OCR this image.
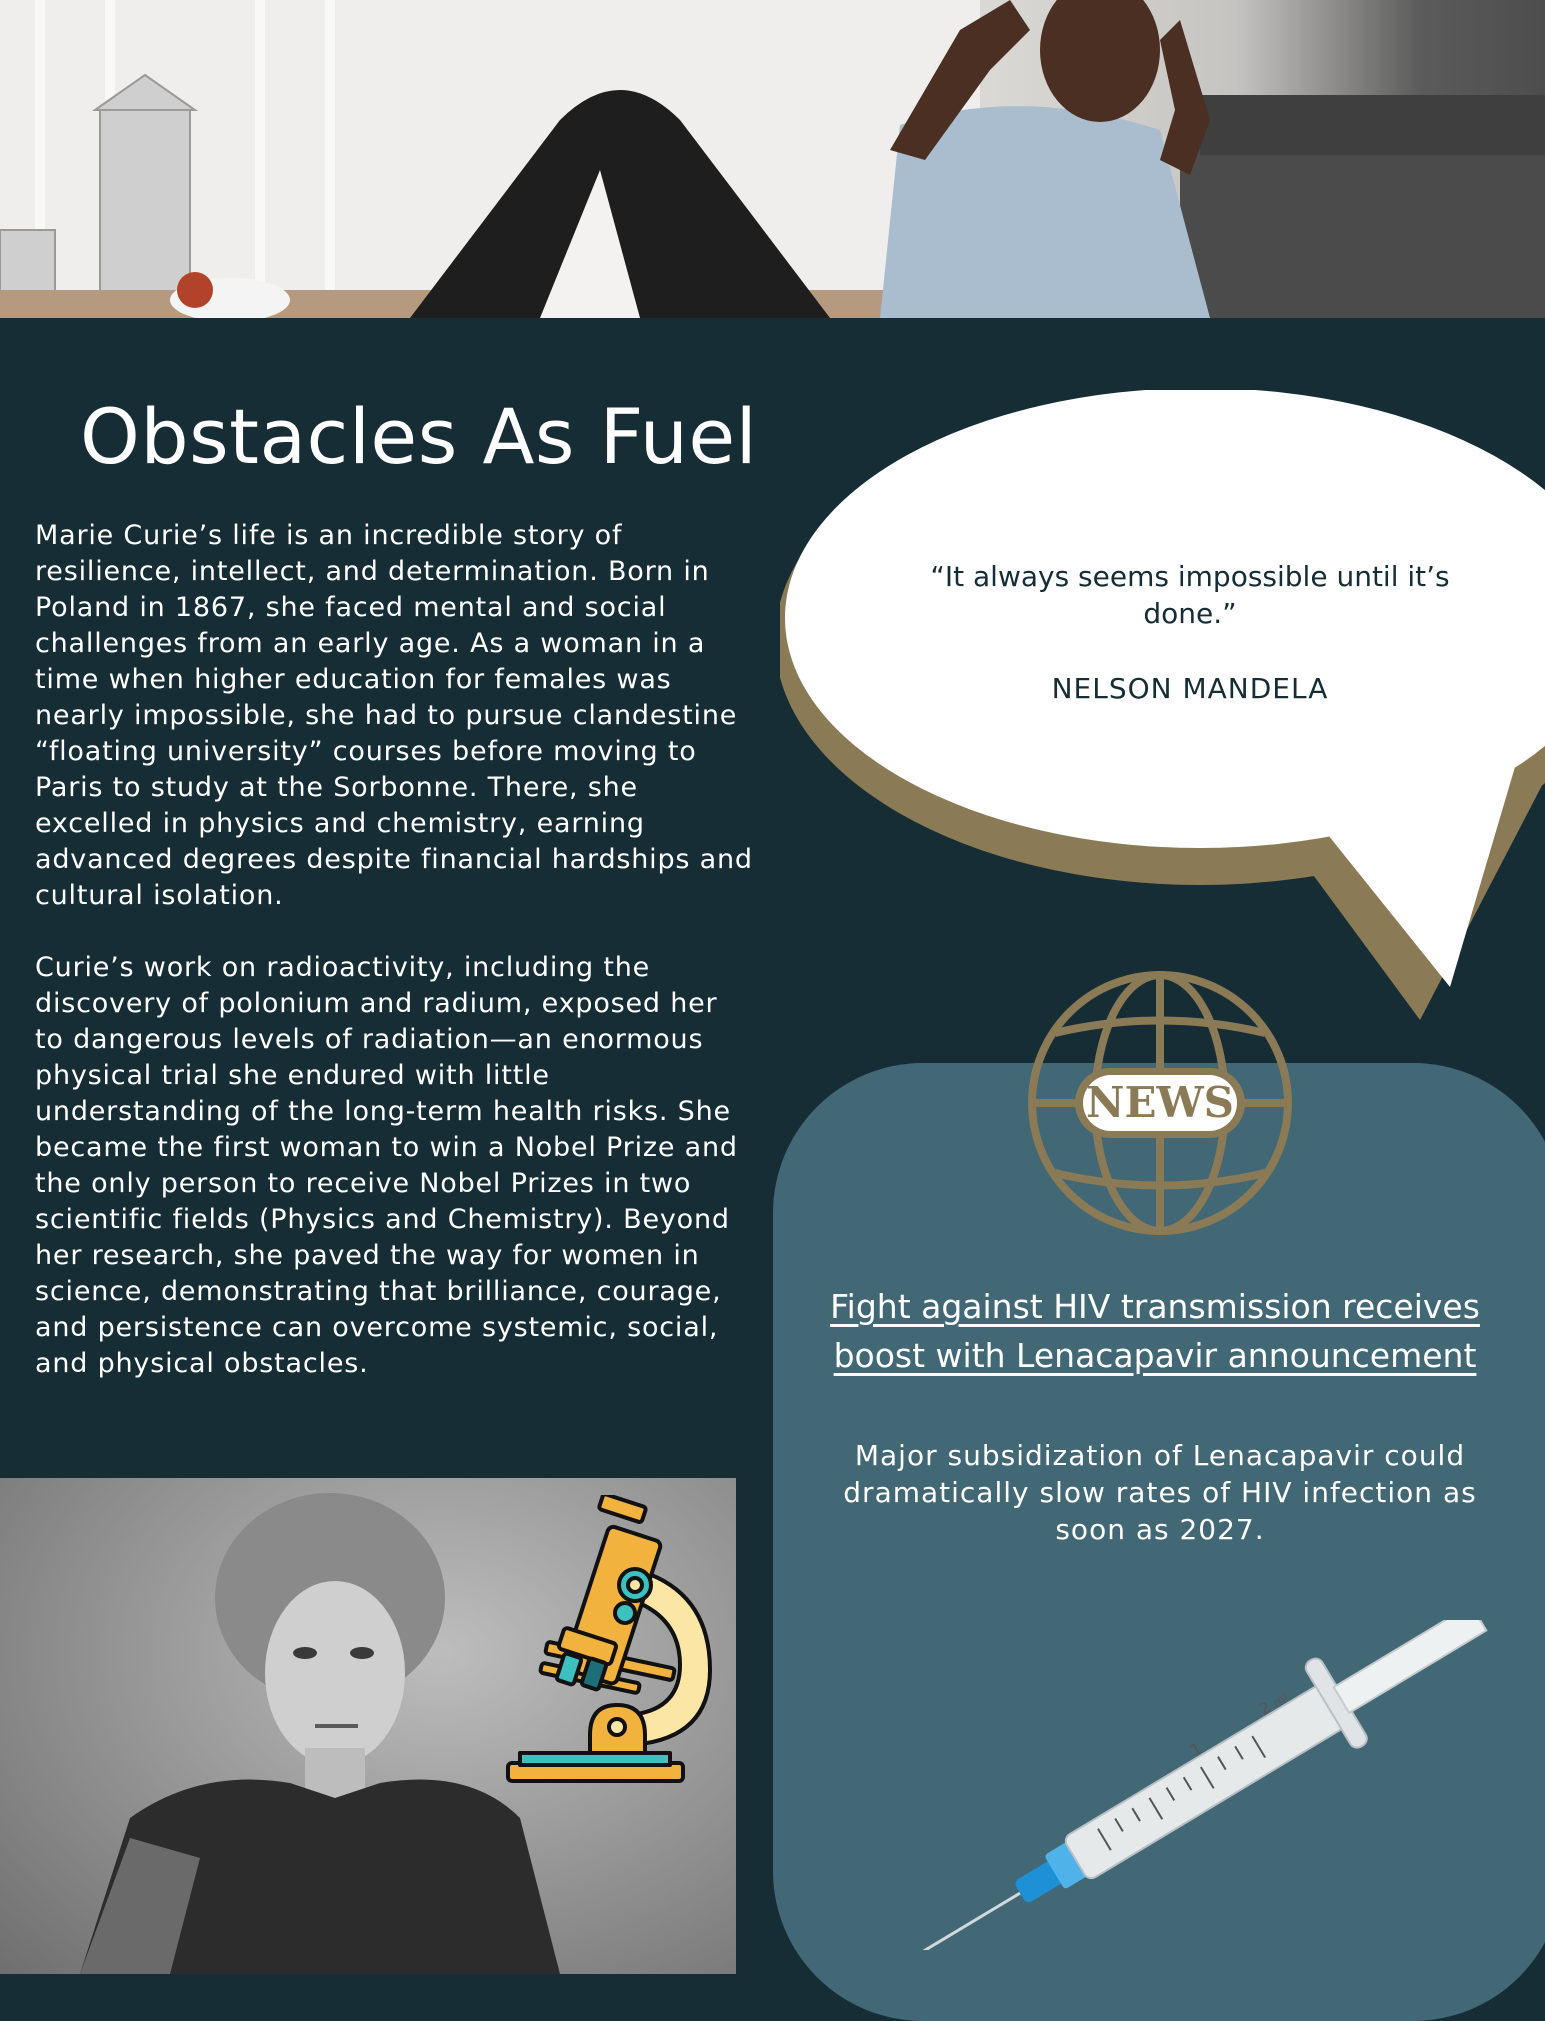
Obstacles As Fuel

Marie Curie’s life is an incredible story of resilience, intellect, and determination. Born in Poland in 1867, she faced mental and social challenges from an early age. As a woman in a time when higher education for females was nearly impossible, she had to pursue clandestine “floating university” courses before moving to Paris to study at the Sorbonne. There, she excelled in physics and chemistry, earning advanced degrees despite financial hardships and cultural isolation.

Curie’s work on radioactivity, including the discovery of polonium and radium, exposed her to dangerous levels of radiation—an enormous physical trial she endured with little understanding of the long-term health risks. She became the first woman to win a Nobel Prize and the only person to receive Nobel Prizes in two scientific fields (Physics and Chemistry). Beyond her research, she paved the way for women in science, demonstrating that brilliance, courage, and persistence can overcome systemic, social, and physical obstacles.

“It always seems impossible until it’s done.”
NELSON MANDELA
NEWS
Fight against HIV transmission receives boost with Lenacapavir announcement
Major subsidization of Lenacapavir could dramatically slow rates of HIV infection as soon as 2027.
1
2
ml
